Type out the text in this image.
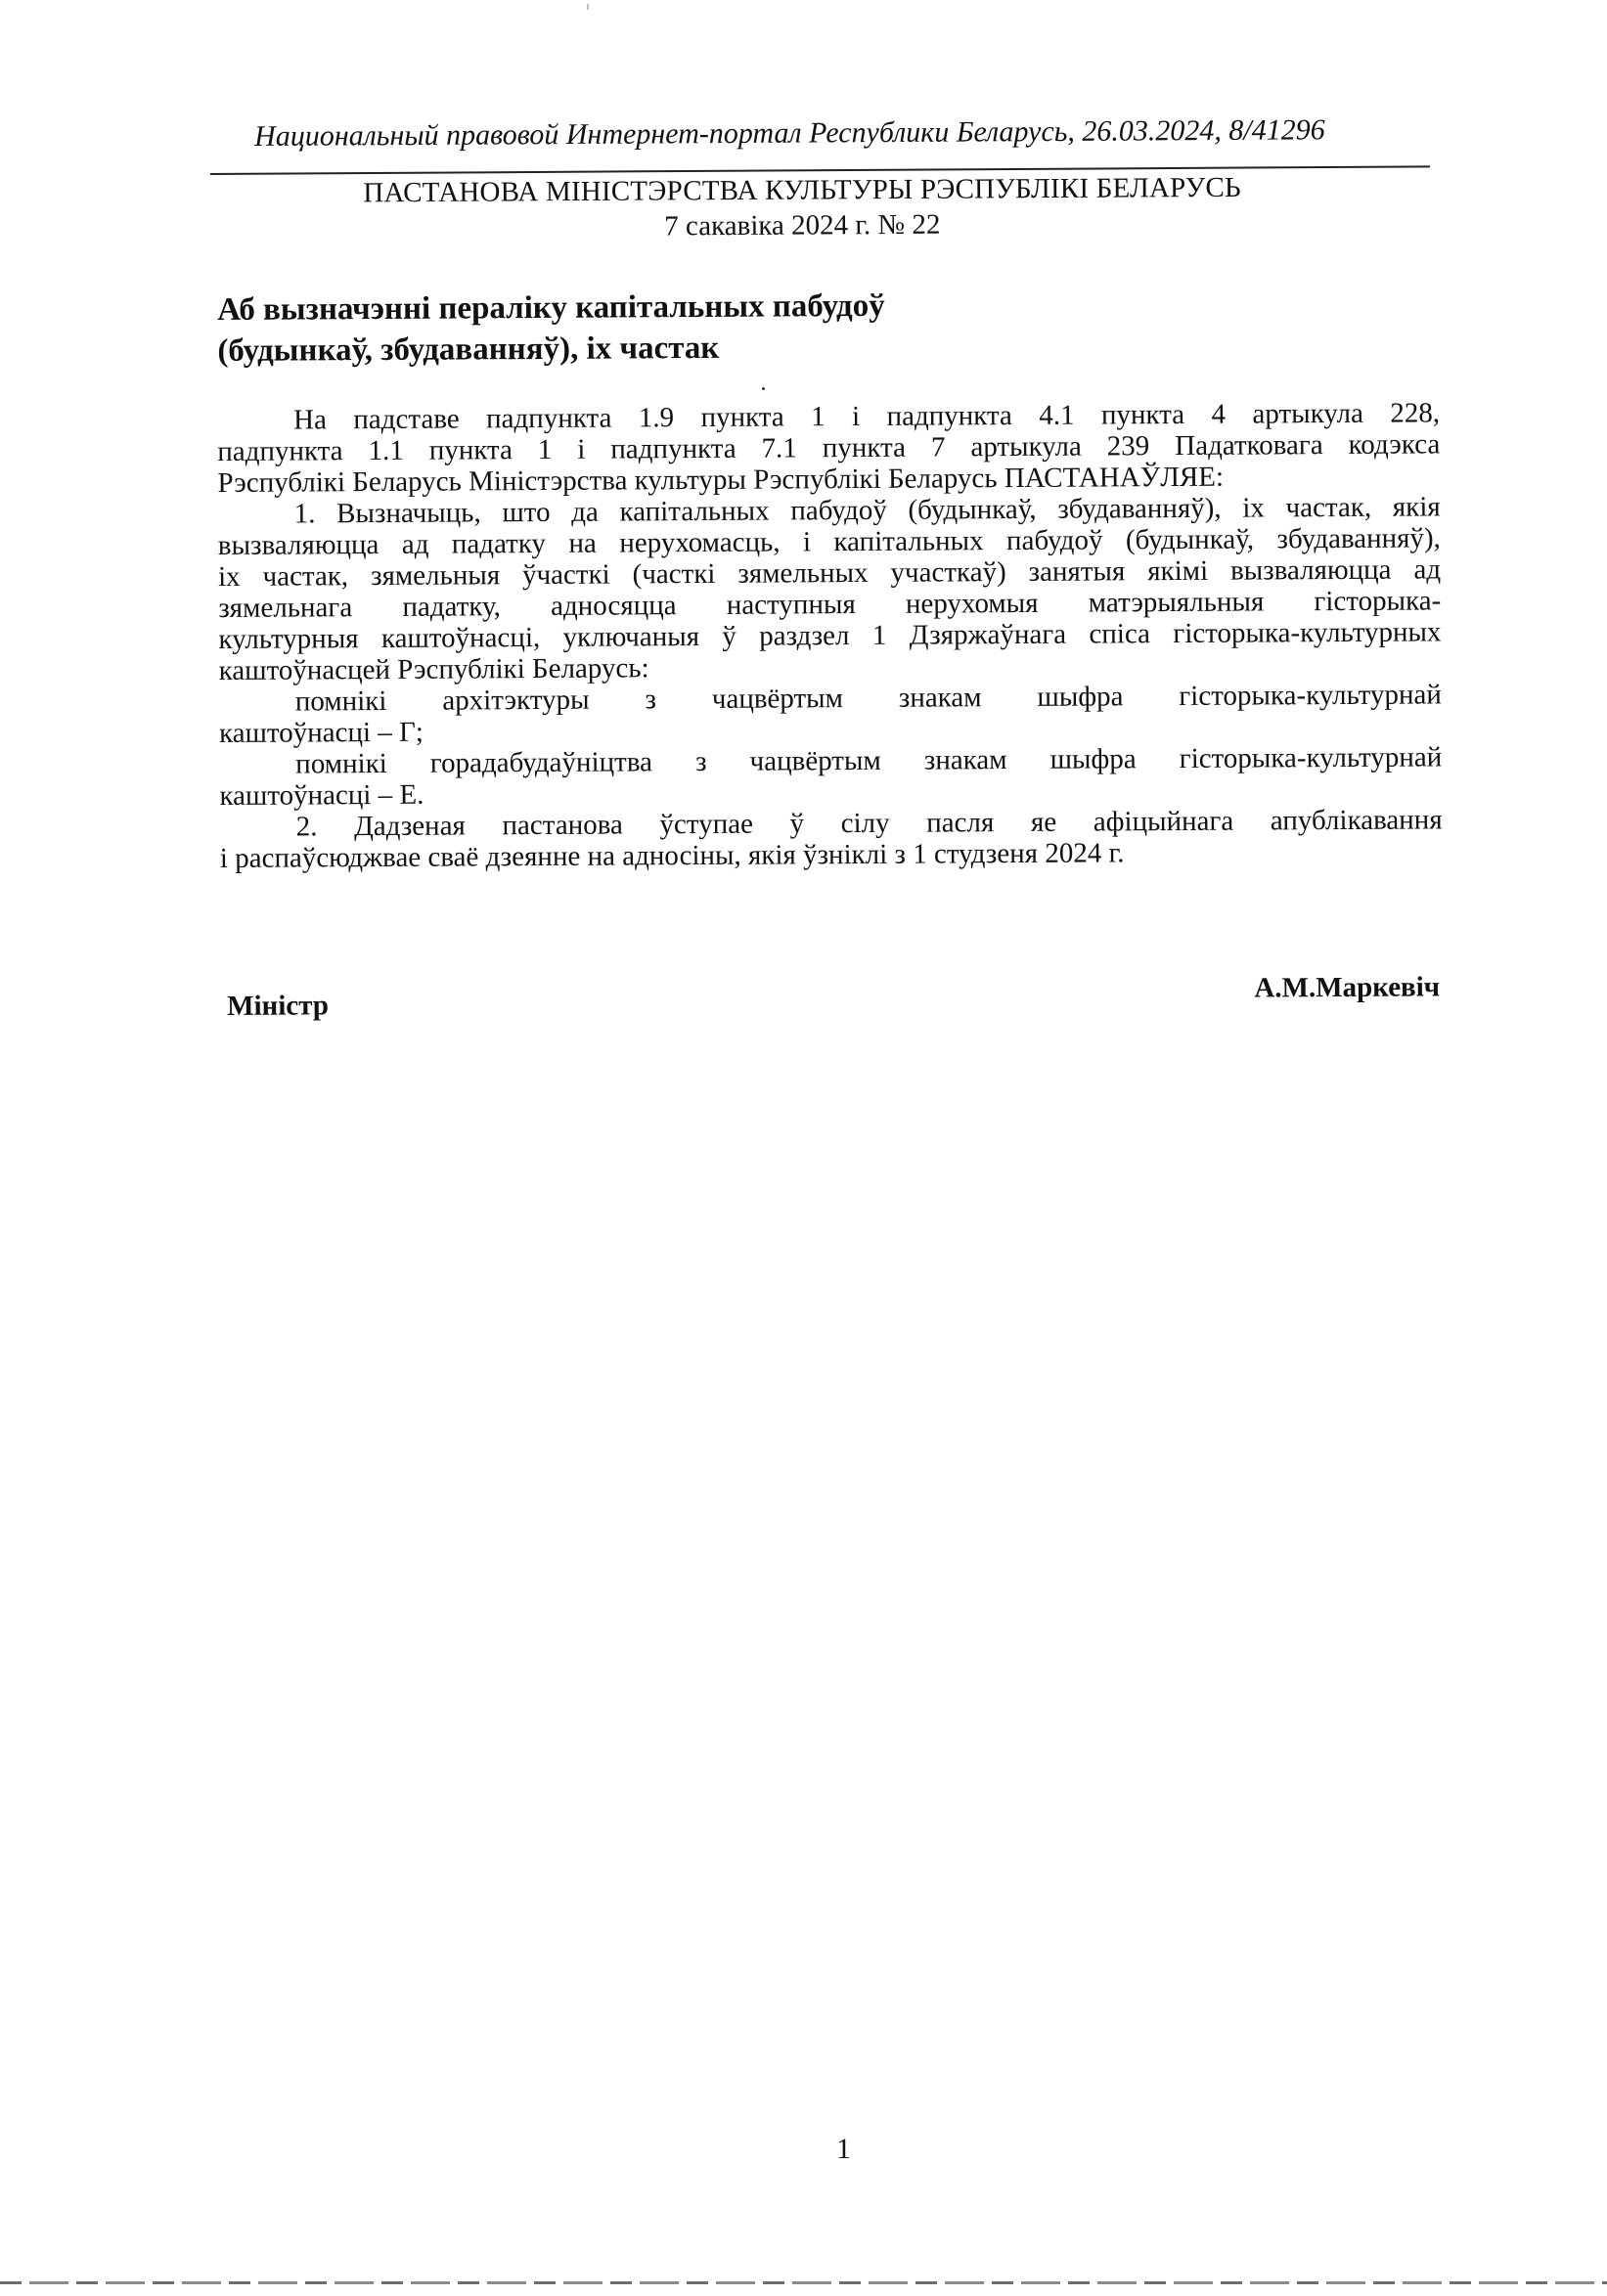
Национальный правовой Интернет-портал Республики Беларусь, 26.03.2024, 8/41296
ПАСТАНОВА МІНІСТЭРСТВА КУЛЬТУРЫ РЭСПУБЛІКІ БЕЛАРУСЬ
7 сакавіка 2024 г. № 22
Аб вызначэнні пераліку капітальных пабудоў
(будынкаў, збудаванняў), іх частак
На падставе падпункта 1.9 пункта 1 і падпункта 4.1 пункта 4 артыкула 228,
падпункта 1.1 пункта 1 і падпункта 7.1 пункта 7 артыкула 239 Падатковага кодэкса
Рэспублікі Беларусь Міністэрства культуры Рэспублікі Беларусь ПАСТАНАЎЛЯЕ:
1. Вызначыць, што да капітальных пабудоў (будынкаў, збудаванняў), іх частак, якія
вызваляюцца ад падатку на нерухомасць, і капітальных пабудоў (будынкаў, збудаванняў),
іх частак, зямельныя ўчасткі (часткі зямельных участкаў) занятыя якімі вызваляюцца ад
зямельнага падатку, адносяцца наступныя нерухомыя матэрыяльныя гісторыка-
культурныя каштоўнасці, уключаныя ў раздзел 1 Дзяржаўнага спіса гісторыка-культурных
каштоўнасцей Рэспублікі Беларусь:
помнікі архітэктуры з чацвёртым знакам шыфра гісторыка-культурнай
каштоўнасці – Г;
помнікі горадабудаўніцтва з чацвёртым знакам шыфра гісторыка-культурнай
каштоўнасці – Е.
2. Дадзеная пастанова ўступае ў сілу пасля яе афіцыйнага апублікавання
і распаўсюджвае сваё дзеянне на адносіны, якія ўзніклі з 1 студзеня 2024 г.
Міністр
А.М.Маркевіч
1
